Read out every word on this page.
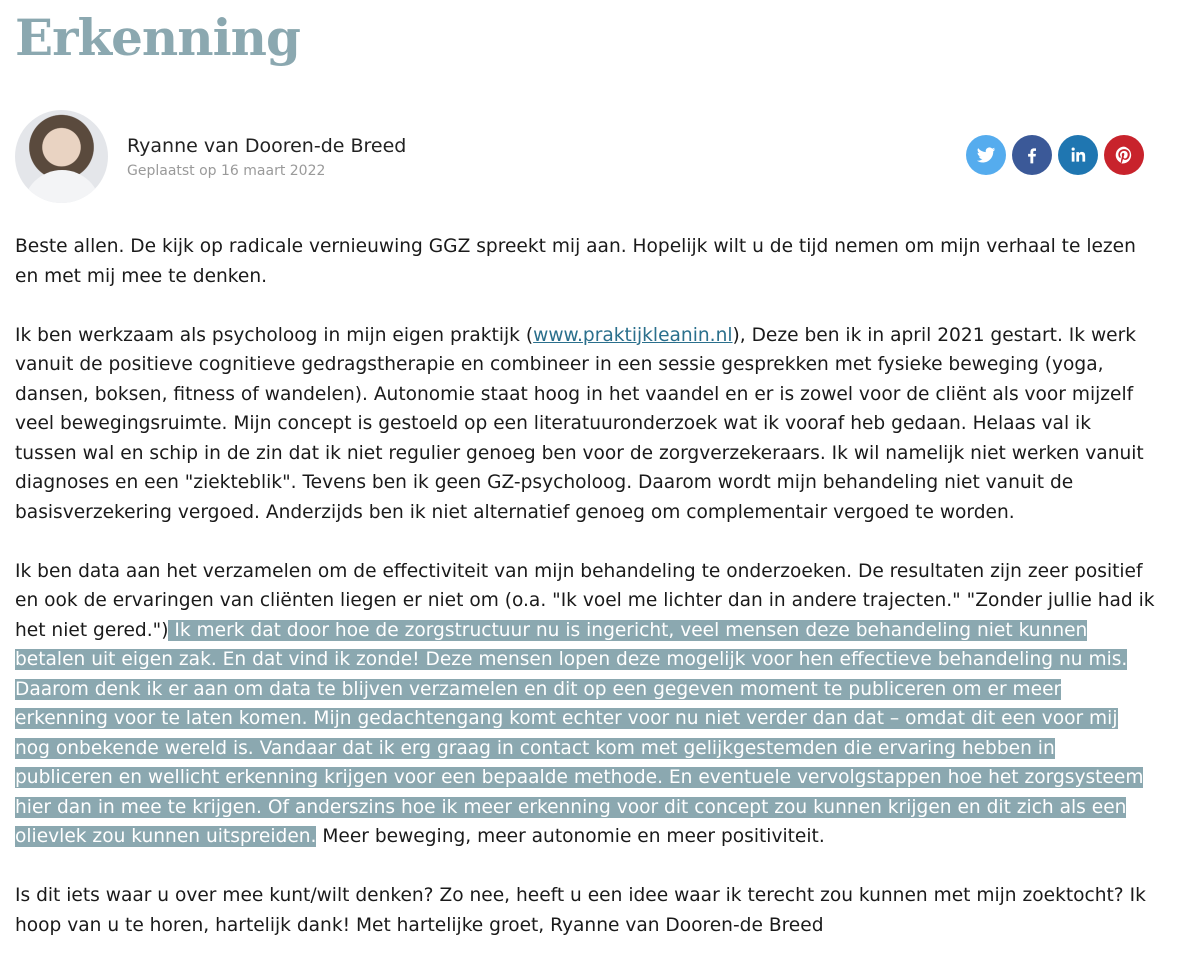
Erkenning
Ryanne van Dooren-de Breed
Geplaatst op 16 maart 2022

Beste allen. De kijk op radicale vernieuwing GGZ spreekt mij aan. Hopelijk wilt u de tijd nemen om mijn verhaal te lezen en met mij mee te denken.

Ik ben werkzaam als psycholoog in mijn eigen praktijk (www.praktijkleanin.nl), Deze ben ik in april 2021 gestart. Ik werk vanuit de positieve cognitieve gedragstherapie en combineer in een sessie gesprekken met fysieke beweging (yoga, dansen, boksen, fitness of wandelen). Autonomie staat hoog in het vaandel en er is zowel voor de cliënt als voor mijzelf veel bewegingsruimte. Mijn concept is gestoeld op een literatuuronderzoek wat ik vooraf heb gedaan. Helaas val ik tussen wal en schip in de zin dat ik niet regulier genoeg ben voor de zorgverzekeraars. Ik wil namelijk niet werken vanuit diagnoses en een "ziekteblik". Tevens ben ik geen GZ-psycholoog. Daarom wordt mijn behandeling niet vanuit de basisverzekering vergoed. Anderzijds ben ik niet alternatief genoeg om complementair vergoed te worden.

Ik ben data aan het verzamelen om de effectiviteit van mijn behandeling te onderzoeken. De resultaten zijn zeer positief en ook de ervaringen van cliënten liegen er niet om (o.a. "Ik voel me lichter dan in andere trajecten." "Zonder jullie had ik het niet gered.") Ik merk dat door hoe de zorgstructuur nu is ingericht, veel mensen deze behandeling niet kunnen betalen uit eigen zak. En dat vind ik zonde! Deze mensen lopen deze mogelijk voor hen effectieve behandeling nu mis. Daarom denk ik er aan om data te blijven verzamelen en dit op een gegeven moment te publiceren om er meer erkenning voor te laten komen. Mijn gedachtengang komt echter voor nu niet verder dan dat – omdat dit een voor mij nog onbekende wereld is. Vandaar dat ik erg graag in contact kom met gelijkgestemden die ervaring hebben in publiceren en wellicht erkenning krijgen voor een bepaalde methode. En eventuele vervolgstappen hoe het zorgsysteem hier dan in mee te krijgen. Of anderszins hoe ik meer erkenning voor dit concept zou kunnen krijgen en dit zich als een olievlek zou kunnen uitspreiden. Meer beweging, meer autonomie en meer positiviteit.

Is dit iets waar u over mee kunt/wilt denken? Zo nee, heeft u een idee waar ik terecht zou kunnen met mijn zoektocht? Ik hoop van u te horen, hartelijk dank! Met hartelijke groet, Ryanne van Dooren-de Breed
